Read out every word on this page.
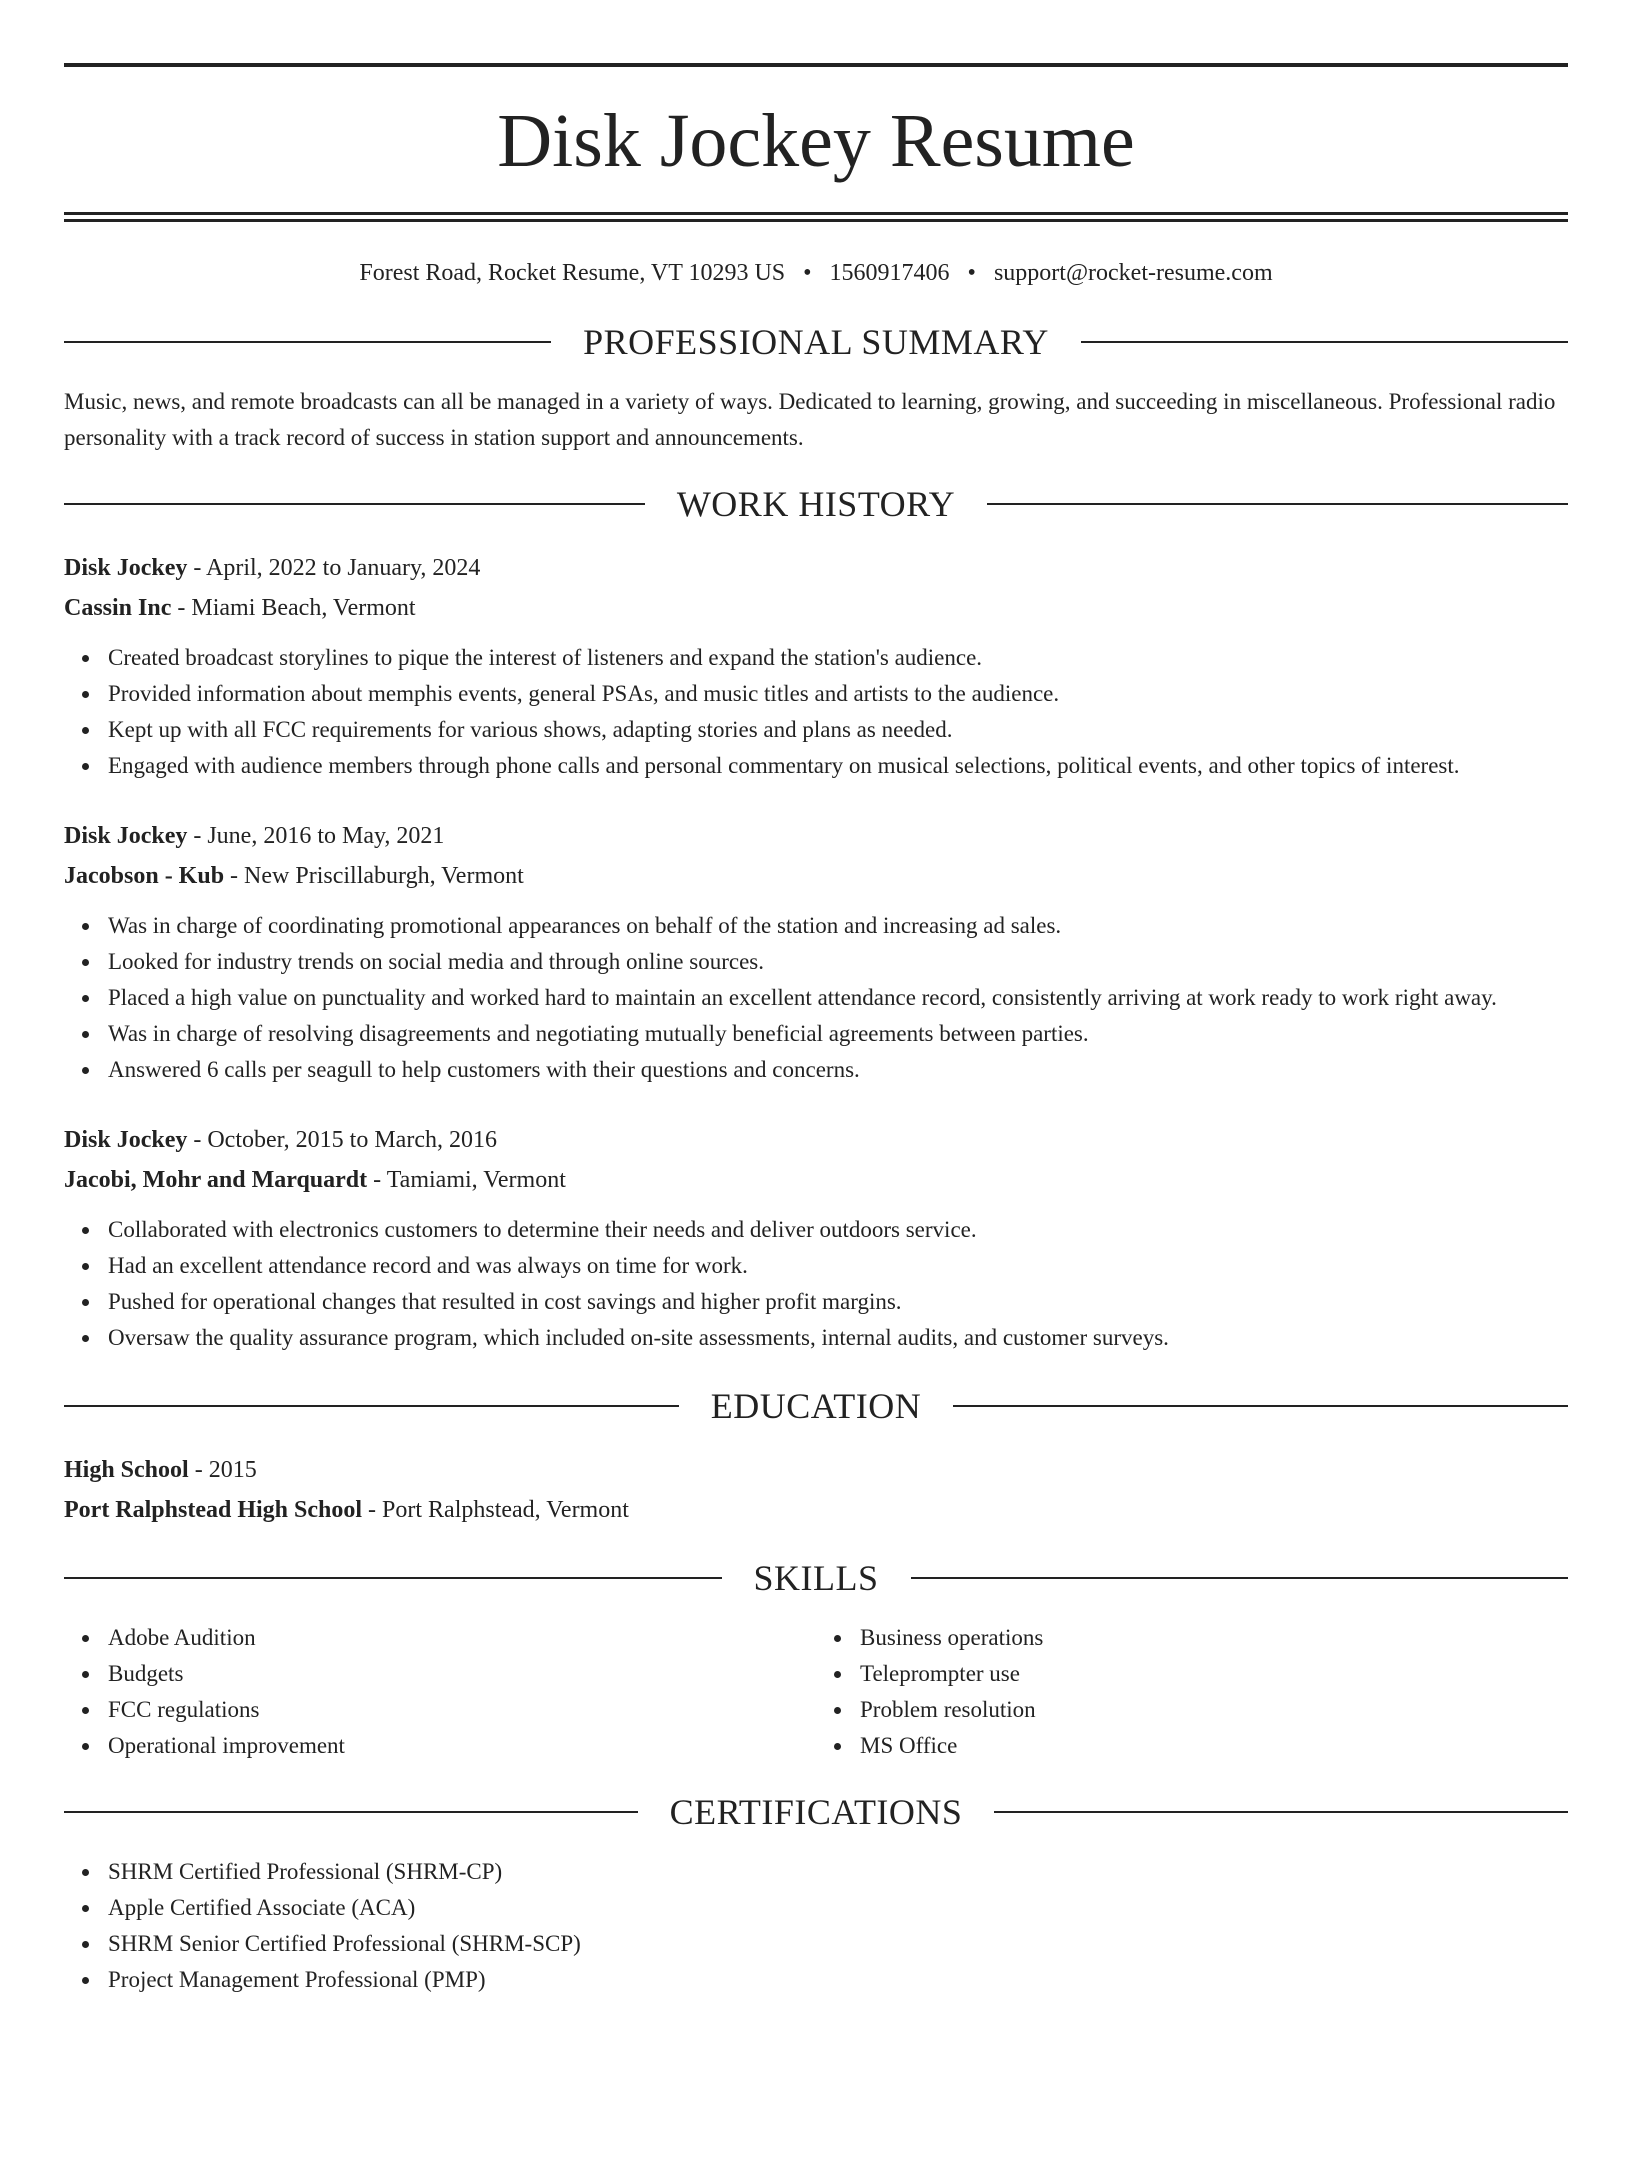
Disk Jockey Resume
Forest Road, Rocket Resume, VT 10293 US • 1560917406 • support@rocket-resume.com
PROFESSIONAL SUMMARY

Music, news, and remote broadcasts can all be managed in a variety of ways. Dedicated to learning, growing, and succeeding in miscellaneous. Professional radio personality with a track record of success in station support and announcements.

WORK HISTORY

Disk Jockey - April, 2022 to January, 2024

Cassin Inc - Miami Beach, Vermont

Created broadcast storylines to pique the interest of listeners and expand the station's audience.
Provided information about memphis events, general PSAs, and music titles and artists to the audience.
Kept up with all FCC requirements for various shows, adapting stories and plans as needed.
Engaged with audience members through phone calls and personal commentary on musical selections, political events, and other topics of interest.

Disk Jockey - June, 2016 to May, 2021

Jacobson - Kub - New Priscillaburgh, Vermont

Was in charge of coordinating promotional appearances on behalf of the station and increasing ad sales.
Looked for industry trends on social media and through online sources.
Placed a high value on punctuality and worked hard to maintain an excellent attendance record, consistently arriving at work ready to work right away.
Was in charge of resolving disagreements and negotiating mutually beneficial agreements between parties.
Answered 6 calls per seagull to help customers with their questions and concerns.

Disk Jockey - October, 2015 to March, 2016

Jacobi, Mohr and Marquardt - Tamiami, Vermont

Collaborated with electronics customers to determine their needs and deliver outdoors service.
Had an excellent attendance record and was always on time for work.
Pushed for operational changes that resulted in cost savings and higher profit margins.
Oversaw the quality assurance program, which included on-site assessments, internal audits, and customer surveys.
EDUCATION

High School - 2015

Port Ralphstead High School - Port Ralphstead, Vermont

SKILLS
Adobe Audition
Budgets
FCC regulations
Operational improvement
Business operations
Teleprompter use
Problem resolution
MS Office
CERTIFICATIONS
SHRM Certified Professional (SHRM-CP)
Apple Certified Associate (ACA)
SHRM Senior Certified Professional (SHRM-SCP)
Project Management Professional (PMP)
